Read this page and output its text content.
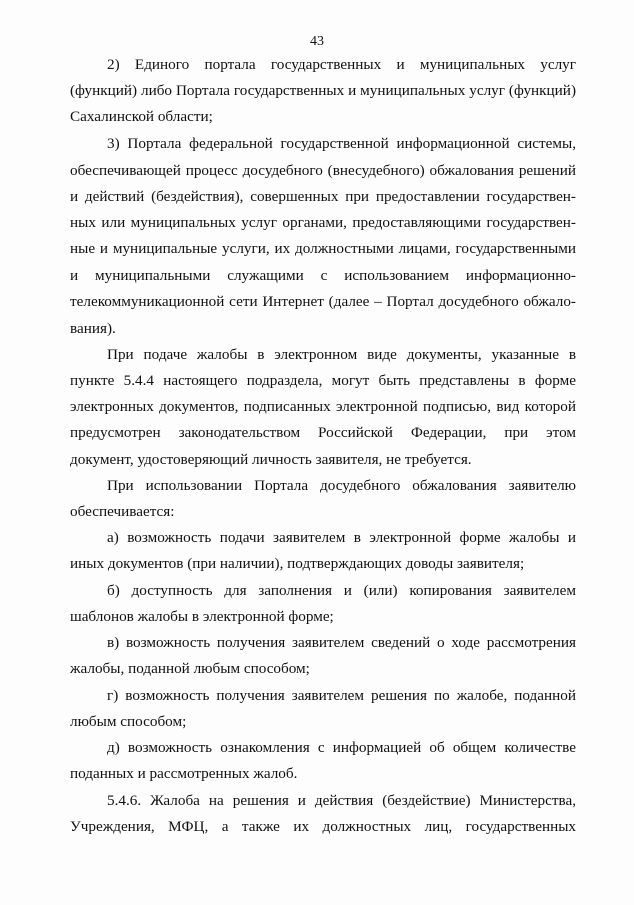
43
2) Единого портала государственных и муниципальных услуг
(функций) либо Портала государственных и муниципальных услуг (функций)
Сахалинской области;
3) Портала федеральной государственной информационной системы,
обеспечивающей процесс досудебного (внесудебного) обжалования решений
и действий (бездействия), совершенных при предоставлении государствен-
ных или муниципальных услуг органами, предоставляющими государствен-
ные и муниципальные услуги, их должностными лицами, государственными
и муниципальными служащими с использованием информационно-
телекоммуникационной сети Интернет (далее – Портал досудебного обжало-
вания).
При подаче жалобы в электронном виде документы, указанные в
пункте 5.4.4 настоящего подраздела, могут быть представлены в форме
электронных документов, подписанных электронной подписью, вид которой
предусмотрен законодательством Российской Федерации, при этом
документ, удостоверяющий личность заявителя, не требуется.
При использовании Портала досудебного обжалования заявителю
обеспечивается:
а) возможность подачи заявителем в электронной форме жалобы и
иных документов (при наличии), подтверждающих доводы заявителя;
б) доступность для заполнения и (или) копирования заявителем
шаблонов жалобы в электронной форме;
в) возможность получения заявителем сведений о ходе рассмотрения
жалобы, поданной любым способом;
г) возможность получения заявителем решения по жалобе, поданной
любым способом;
д) возможность ознакомления с информацией об общем количестве
поданных и рассмотренных жалоб.
5.4.6. Жалоба на решения и действия (бездействие) Министерства,
Учреждения, МФЦ, а также их должностных лиц, государственных
